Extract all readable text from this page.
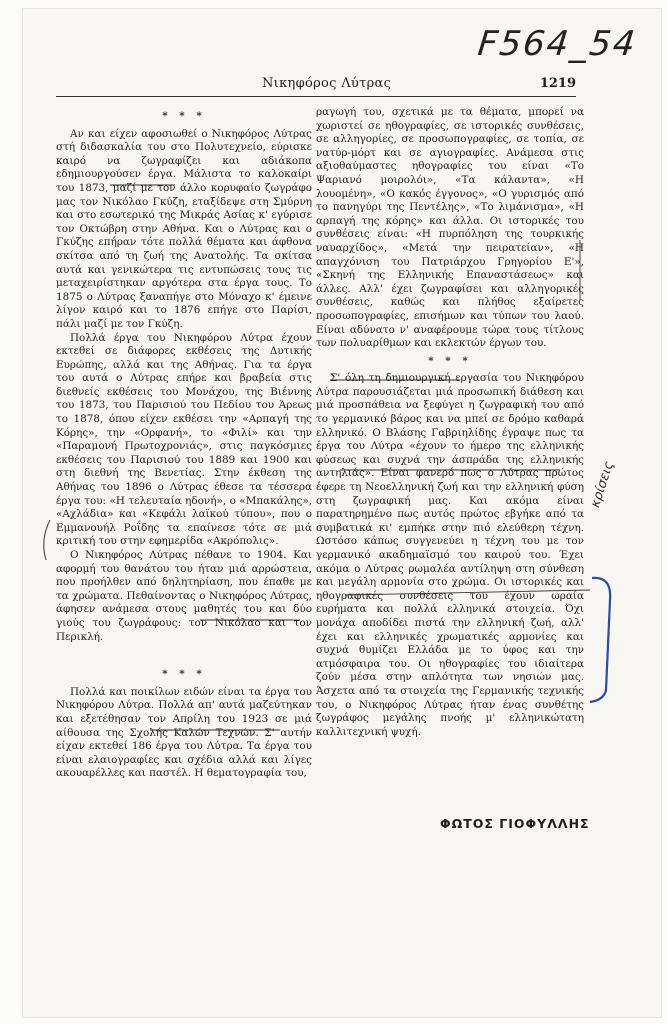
F564_54
Νικηφόρος Λύτρας	1219
* * *

Αν και είχεν αφοσιωθεί ο Νικηφόρος Λύτρας στή διδασκαλία του στο Πολυτεχνείο, εύρισκε καιρό να ζωγραφίζει και αδιάκοπα εδημιουργούσεν έργα. Μάλιστα το καλοκαίρι του 1873, μαζί με τον άλλο κορυφαίο ζωγράφο μας τον Νικόλαο Γκύζη, εταξίδεψε στη Σμύρνη και στο εσωτερικό της Μικράς Ασίας κ' εγύρισε τον Οκτώβρη στην Αθήνα. Και ο Λύτρας και ο Γκύζης επήραν τότε πολλά θέματα και άφθονα σκίτσα από τη ζωή της Ανατολής. Τα σκίτσα αυτά και γενικώτερα τις εντυπώσεις τους τις μεταχειρίστηκαν αργότερα στα έργα τους. Το 1875 ο Λύτρας ξαναπήγε στο Μόναχο κ' έμεινε λίγον καιρό και το 1876 επήγε στο Παρίσι, πάλι μαζί με τον Γκύζη.

Πολλά έργα του Νικηφόρου Λύτρα έχουν εκτεθεί σε διάφορες εκθέσεις της Δυτικής Ευρώπης, αλλά και της Αθήνας. Για τα έργα του αυτά ο Λύτρας επήρε και βραβεία στις διεθνείς εκθέσεις του Μονάχου, της Βιέννης του 1873, του Παρισιού του Πεδίου του Άρεως το 1878, όπου είχεν εκθέσει την «Αρπαγή της Κόρης», την «Ορφανή», το «Φιλί» και την «Παραμονή Πρωτοχρονιάς», στις παγκόσμιες εκθέσεις του Παρισιού του 1889 και 1900 και στη διεθνή της Βενετίας. Στην έκθεση της Αθήνας του 1896 ο Λύτρας έθεσε τα τέσσερα έργα του: «Η τελευταία ηδονή», ο «Μπακάλης», «Αχλάδια» και «Κεφάλι λαϊκού τύπου», που ο Εμμανουήλ Ροΐδης τα επαίνεσε τότε σε μιά κριτική του στην εφημερίδα «Ακρόπολις».

Ο Νικηφόρος Λύτρας πέθανε το 1904. Και αφορμή του θανάτου του ήταν μιά αρρώστεια, που προήλθεν από δηλητηρίαση, που έπαθε με τα χρώματα. Πεθαίνοντας ο Νικηφόρος Λύτρας, άφησεν ανάμεσα στους μαθητές του και δύο γιούς του ζωγράφους: τον Νικόλαο και τον Περικλή.

* * *

Πολλά και ποικίλων ειδών είναι τα έργα του Νικηφόρου Λύτρα. Πολλά απ' αυτά μαζεύτηκαν και εξετέθησαν τον Απρίλη του 1923 σε μιά αίθουσα της Σχολής Καλών Τεχνών. Σ' αυτήν είχαν εκτεθεί 186 έργα του Λύτρα. Τα έργα του είναι ελαιογραφίες και σχέδια αλλά και λίγες ακουαρέλλες και παστέλ. Η θεματογραφία του,

ραγωγή του, σχετικά με τα θέματα, μπορεί να χωριστεί σε ηθογραφίες, σε ιστορικές συνθέσεις, σε αλληγορίες, σε προσωπογραφίες, σε τοπία, σε νατύρ-μόρτ και σε αγιογραφίες. Ανάμεσα στις αξιοθαύμαστες ηθογραφίες του είναι «Το Ψαριανό μοιρολόι», «Τα κάλαντα», «Η λουομένη», «Ο κακός έγγονος», «Ο γυρισμός από το πανηγύρι της Πεντέλης», «Το λιμάνισμα», «Η αρπαγή της κόρης» και άλλα. Οι ιστορικές του συνθέσεις είναι: «Η πυρπόληση της τουρκικής ναυαρχίδος», «Μετά την πειρατείαν», «Η απαγχόνιση του Πατριάρχου Γρηγορίου Ε'», «Σκηνή της Ελληνικής Επαναστάσεως» και άλλες. Αλλ' έχει ζωγραφίσει και αλληγορικές συνθέσεις, καθώς και πλήθος εξαίρετες προσωπογραφίες, επισήμων και τύπων του λαού. Είναι αδύνατο ν' αναφέρουμε τώρα τους τίτλους των πολυαρίθμων και εκλεκτών έργων του.

* * *

Σ' όλη τη δημιουργική εργασία του Νικηφόρου Λύτρα παρουσιάζεται μιά προσωπική διάθεση και μιά προσπάθεια να ξεφύγει η ζωγραφική του από το γερμανικό βάρος και να μπεί σε δρόμο καθαρά ελληνικό. Ο Βλάσης Γαβριηλίδης έγραψε πως τα έργα του Λύτρα «έχουν το ήμερο της ελληνικής φύσεως και συχνά την άσπράδα της ελληνικής αντηλιάς». Είναι φανερό πως ο Λύτρας πρώτος έφερε τη Νεοελληνική ζωή και την ελληνική φύση στη ζωγραφική μας. Και ακόμα είναι παρατηρημένο πως αυτός πρώτος εβγήκε από τα συμβατικά κι' εμπήκε στην πιό ελεύθερη τέχνη. Ωστόσο κάπως συγγενεύει η τέχνη του με τον γερμανικό ακαδημαϊσμό του καιρού του. Έχει ακόμα ο Λύτρας ρωμαλέα αντίληψη στη σύνθεση και μεγάλη αρμονία στο χρώμα. Οι ιστορικές και ηθογραφικές συνθέσεις του έχουν ωραία ευρήματα και πολλά ελληνικά στοιχεία. Όχι μονάχα αποδίδει πιστά την ελληνική ζωή, αλλ' έχει και ελληνικές χρωματικές αρμονίες και συχνά θυμίζει Ελλάδα με το ύφος και την ατμόσφαιρα του. Οι ηθογραφίες του ιδιαίτερα ζούν μέσα στην απλότητα των νησιών μας. Άσχετα από τα στοιχεία της Γερμανικής τεχνικής του, ο Νικηφόρος Λύτρας ήταν ένας συνθέτης ζωγράφος μεγάλης πνοής μ' ελληνικώτατη καλλιτεχνική ψυχή.

ΦΩΤΟΣ ΓΙΟΦΥΛΛΗΣ
κρίσεις
